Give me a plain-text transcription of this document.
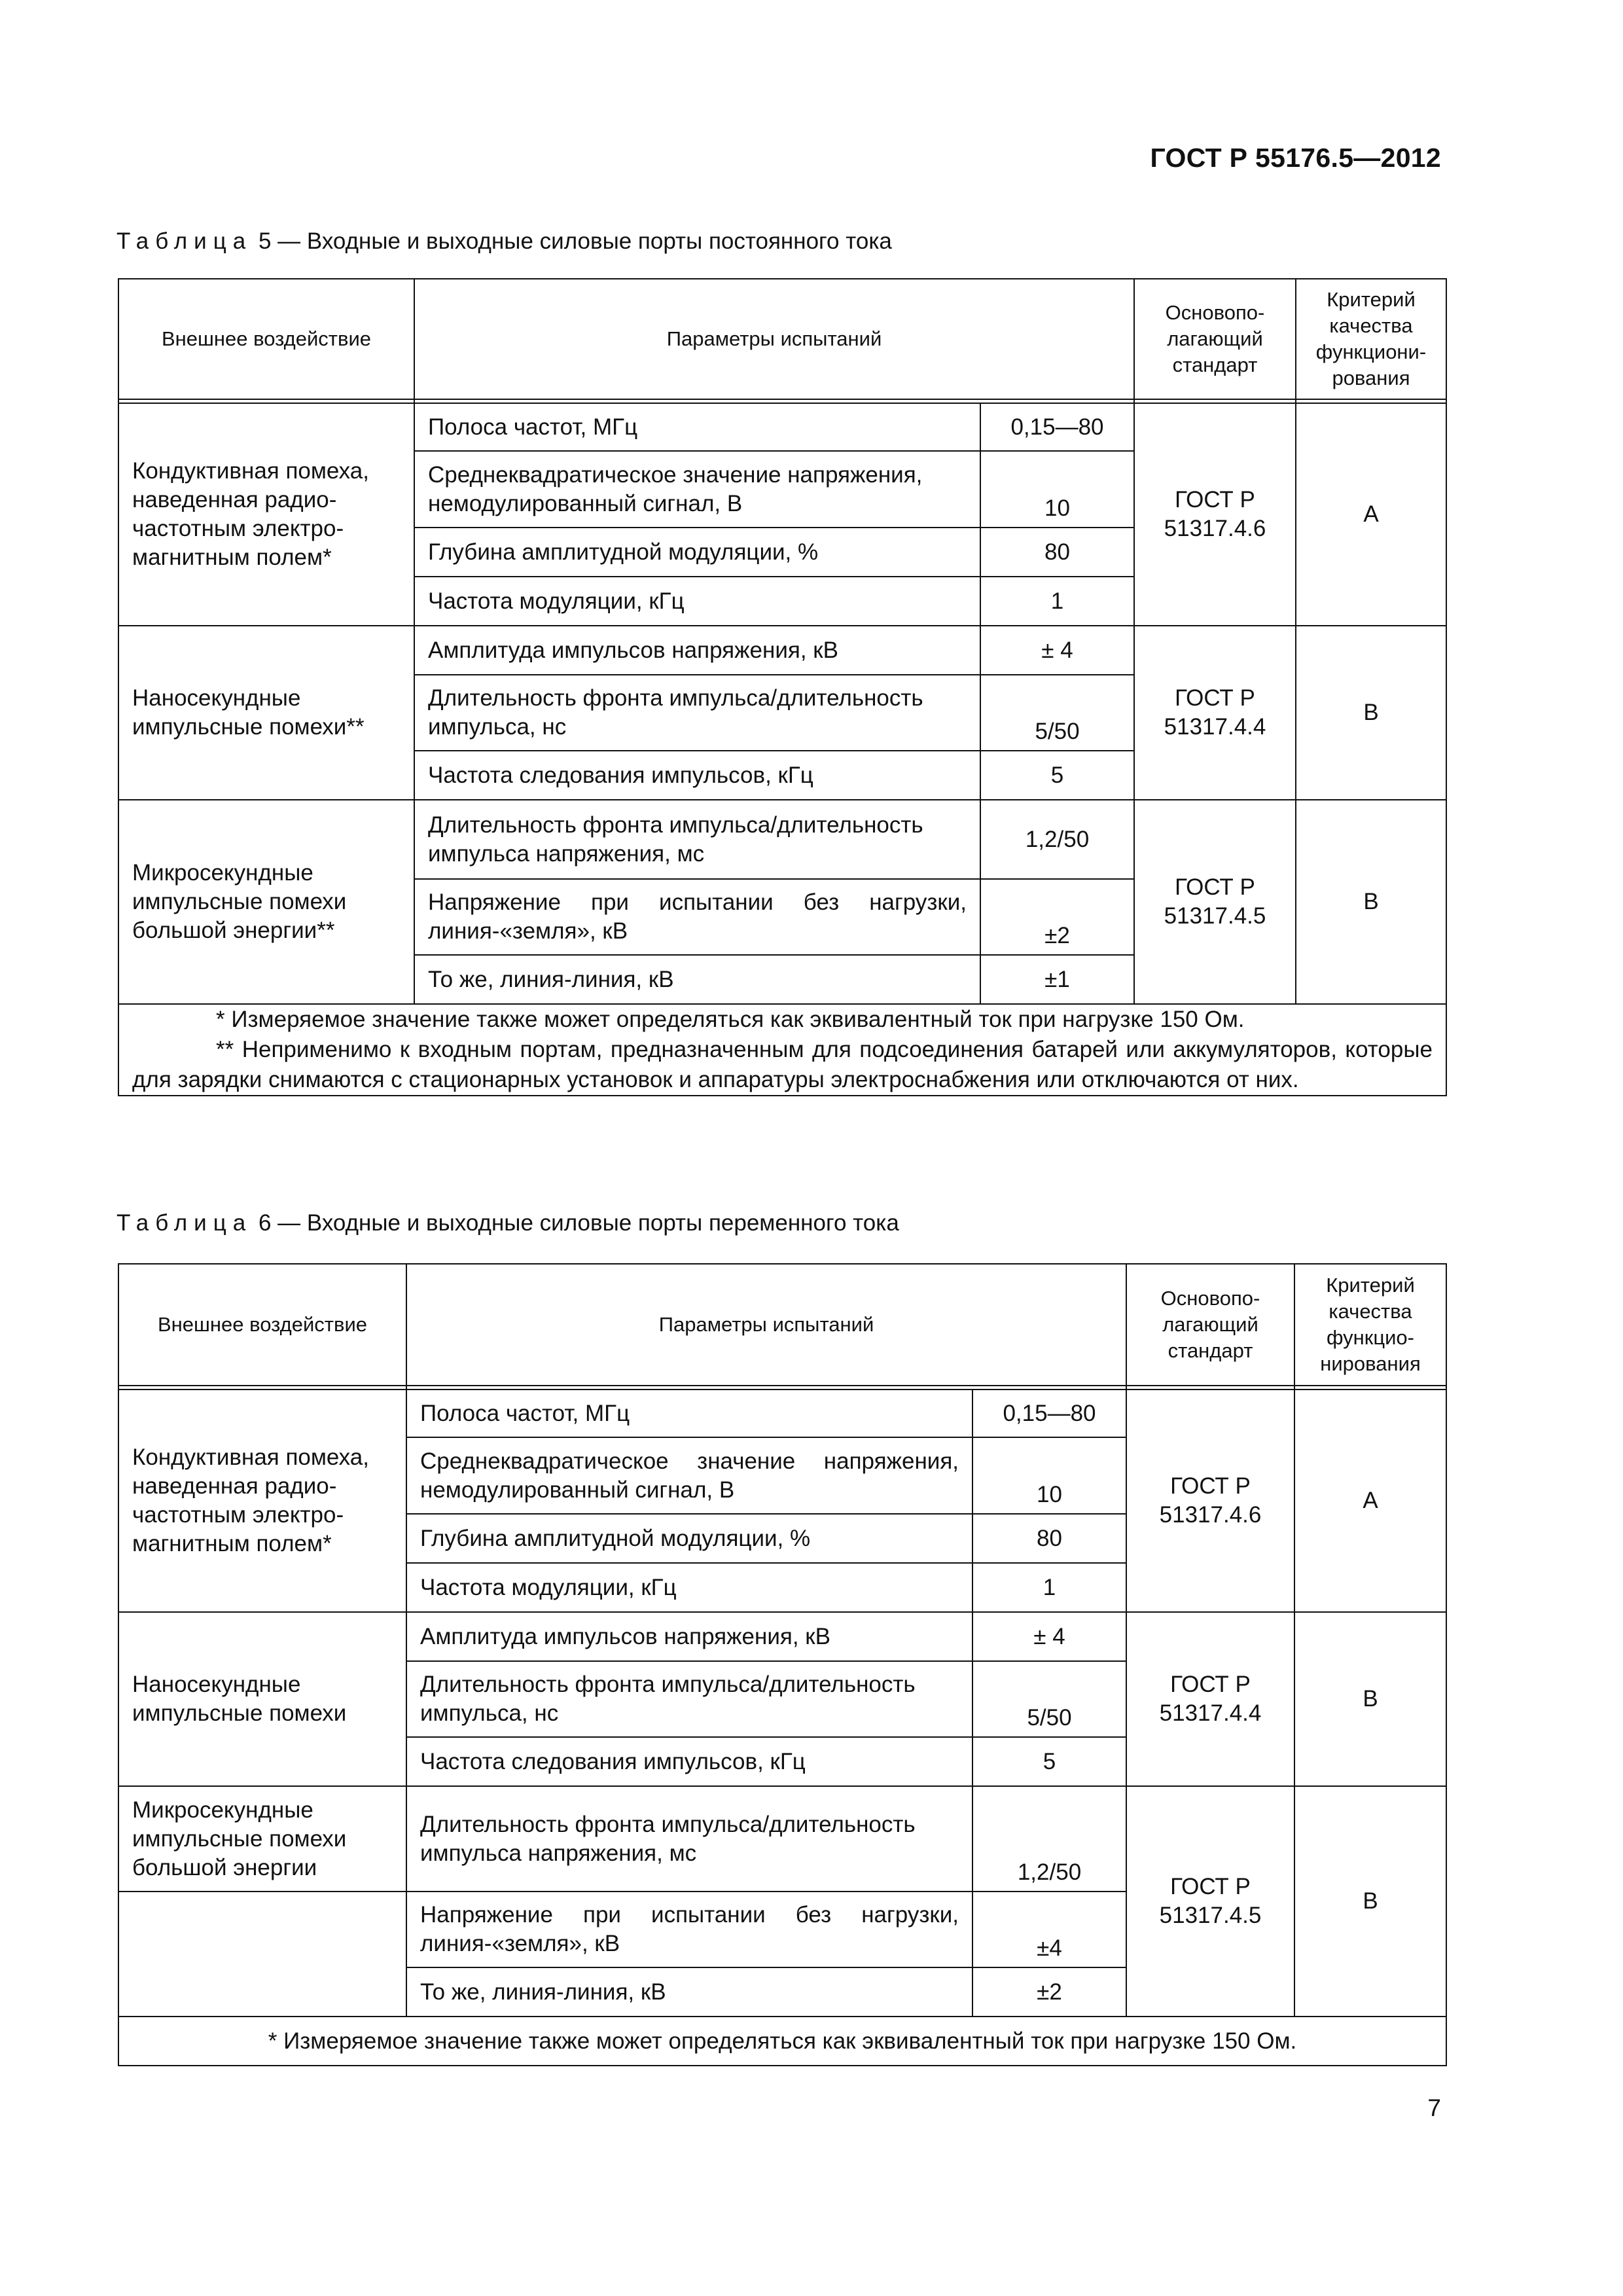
ГОСТ Р 55176.5—2012
Таблица 5 — Входные и выходные силовые порты постоянного тока
Внешнее воздействие	Параметры испытаний		Основопо-
лагающий
стандарт	Критерий
качества
функциони-
рования

Кондуктивная помеха,
наведенная радио-
частотным электро-
магнитным полем*	Полоса частот, МГц	0,15—80	ГОСТ Р
51317.4.6	А
	Среднеквадратическое значение напряжения,
немодулированный сигнал, В	10		
	Глубина амплитудной модуляции, %	80		
	Частота модуляции, кГц	1		
Наносекундные
импульсные помехи**	Амплитуда импульсов напряжения, кВ	± 4	ГОСТ Р
51317.4.4	В
	Длительность фронта импульса/длительность
импульса, нс	5/50		
	Частота следования импульсов, кГц	5		
Микросекундные
импульсные помехи
большой энергии**	Длительность фронта импульса/длительность
импульса напряжения, мс	1,2/50	ГОСТ Р
51317.4.5	В
	Напряжение при испытании без нагрузки,
линия-«земля», кВ	±2		
	То же, линия-линия, кВ	±1		

* Измеряемое значение также может определяться как эквивалентный ток при нагрузке 150 Ом.

** Неприменимо к входным портам, предназначенным для подсоединения батарей или аккумуляторов, которые для зарядки снимаются с стационарных установок и аппаратуры электроснабжения или отключаются от них.				

Таблица 6 — Входные и выходные силовые порты переменного тока
Внешнее воздействие	Параметры испытаний		Основопо-
лагающий
стандарт	Критерий
качества
функцио-
нирования

Кондуктивная помеха,
наведенная радио-
частотным электро-
магнитным полем*	Полоса частот, МГц	0,15—80	ГОСТ Р
51317.4.6	А
	Среднеквадратическое значение напряжения,
немодулированный сигнал, В	10		
	Глубина амплитудной модуляции, %	80		
	Частота модуляции, кГц	1		
Наносекундные
импульсные помехи	Амплитуда импульсов напряжения, кВ	± 4	ГОСТ Р
51317.4.4	В
	Длительность фронта импульса/длительность
импульса, нс	5/50		
	Частота следования импульсов, кГц	5		
Микросекундные
импульсные помехи
большой энергии	Длительность фронта импульса/длительность
импульса напряжения, мс	1,2/50	ГОСТ Р
51317.4.5	В
	Напряжение при испытании без нагрузки,
линия-«земля», кВ	±4		
	То же, линия-линия, кВ	±2		
* Измеряемое значение также может определяться как эквивалентный ток при нагрузке 150 Ом.				
7
